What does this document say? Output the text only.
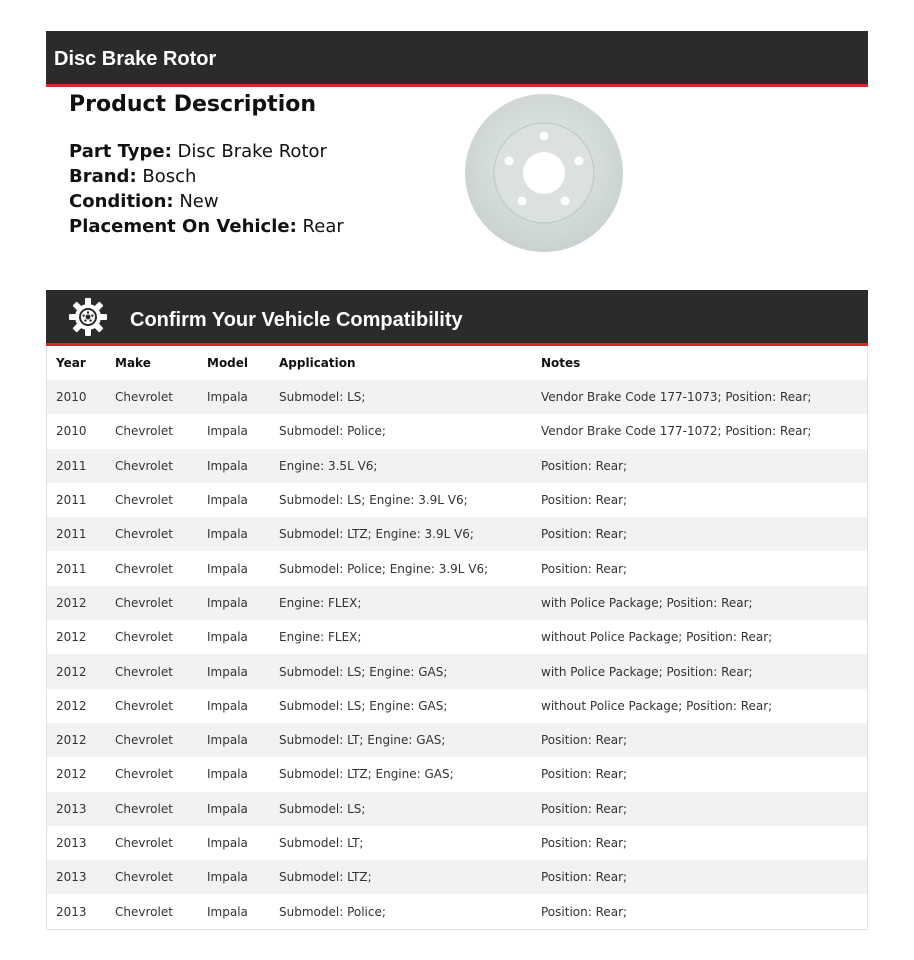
Disc Brake Rotor
Product Description
Part Type: Disc Brake Rotor
Brand: Bosch
Condition: New
Placement On Vehicle: Rear
Confirm Your Vehicle Compatibility
Year	Make	Model	Application	Notes
2010	Chevrolet	Impala	Submodel: LS;	Vendor Brake Code 177-1073; Position: Rear;
2010	Chevrolet	Impala	Submodel: Police;	Vendor Brake Code 177-1072; Position: Rear;
2011	Chevrolet	Impala	Engine: 3.5L V6;	Position: Rear;
2011	Chevrolet	Impala	Submodel: LS; Engine: 3.9L V6;	Position: Rear;
2011	Chevrolet	Impala	Submodel: LTZ; Engine: 3.9L V6;	Position: Rear;
2011	Chevrolet	Impala	Submodel: Police; Engine: 3.9L V6;	Position: Rear;
2012	Chevrolet	Impala	Engine: FLEX;	with Police Package; Position: Rear;
2012	Chevrolet	Impala	Engine: FLEX;	without Police Package; Position: Rear;
2012	Chevrolet	Impala	Submodel: LS; Engine: GAS;	with Police Package; Position: Rear;
2012	Chevrolet	Impala	Submodel: LS; Engine: GAS;	without Police Package; Position: Rear;
2012	Chevrolet	Impala	Submodel: LT; Engine: GAS;	Position: Rear;
2012	Chevrolet	Impala	Submodel: LTZ; Engine: GAS;	Position: Rear;
2013	Chevrolet	Impala	Submodel: LS;	Position: Rear;
2013	Chevrolet	Impala	Submodel: LT;	Position: Rear;
2013	Chevrolet	Impala	Submodel: LTZ;	Position: Rear;
2013	Chevrolet	Impala	Submodel: Police;	Position: Rear;
